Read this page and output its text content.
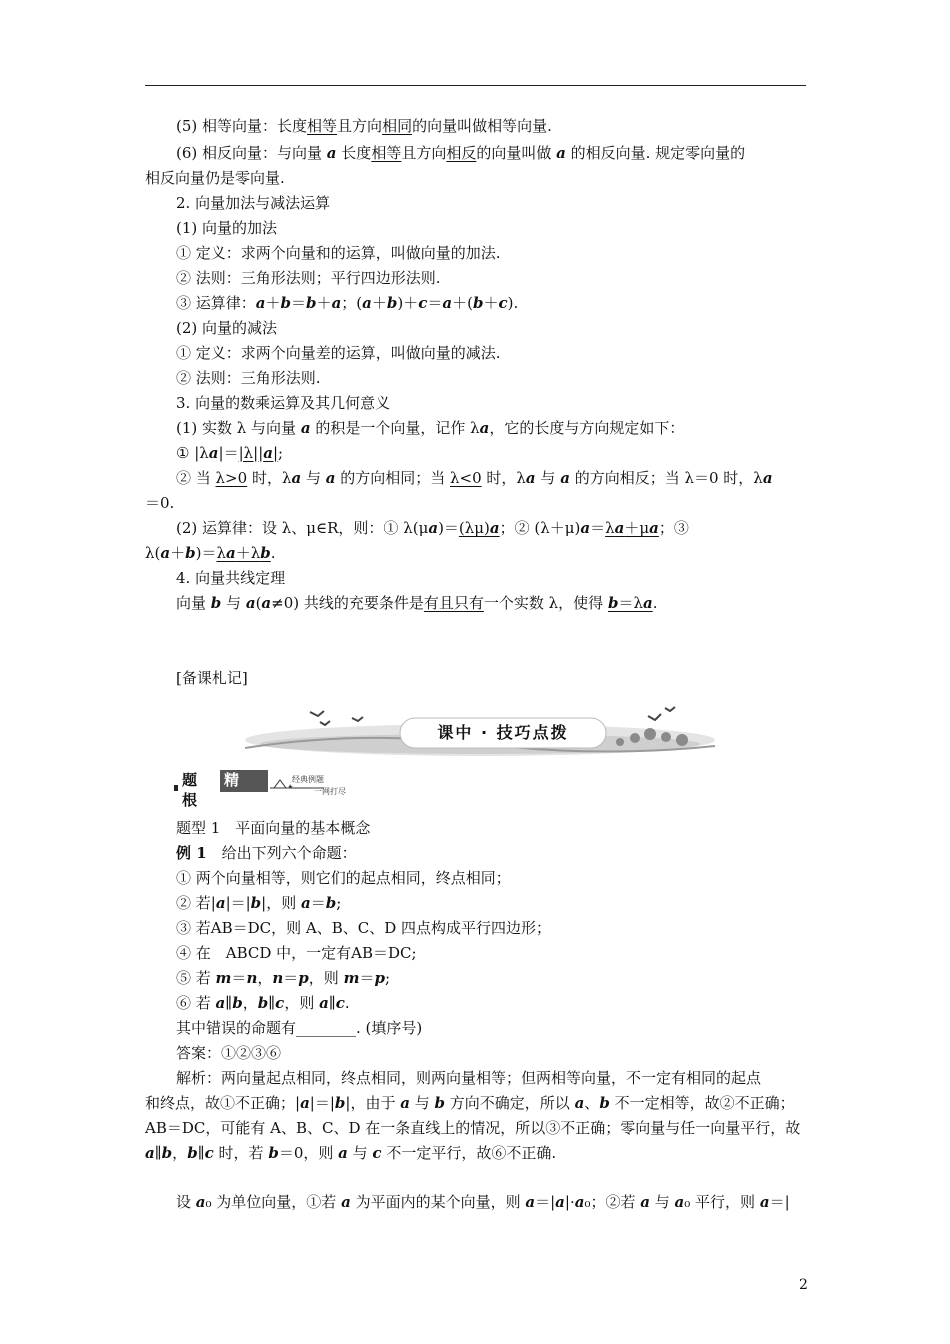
(5) 相等向量：长度相等且方向相同的向量叫做相等向量.
(6) 相反向量：与向量 a 长度相等且方向相反的向量叫做 a 的相反向量. 规定零向量的
相反向量仍是零向量.
2. 向量加法与减法运算
(1) 向量的加法
① 定义：求两个向量和的运算，叫做向量的加法.
② 法则：三角形法则；平行四边形法则.
③ 运算律：a＋b＝b＋a；(a＋b)＋c＝a＋(b＋c).
(2) 向量的减法
① 定义：求两个向量差的运算，叫做向量的减法.
② 法则：三角形法则.
3. 向量的数乘运算及其几何意义
(1) 实数 λ 与向量 a 的积是一个向量，记作 λa，它的长度与方向规定如下：
① |λa|＝|λ||a|;
② 当 λ>0 时，λa 与 a 的方向相同；当 λ<0 时，λa 与 a 的方向相反；当 λ＝0 时，λa
＝0.
(2) 运算律：设 λ、μ∈R，则：① λ(μa)＝(λμ)a；② (λ＋μ)a＝λa＋μa；③
λ(a＋b)＝λa＋λb.
4. 向量共线定理
向量 b 与 a(a≠0) 共线的充要条件是有且只有一个实数 λ，使得 b＝λa.
[备课札记]
题型 1　平面向量的基本概念
例 1　给出下列六个命题：
① 两个向量相等，则它们的起点相同，终点相同；
② 若|a|＝|b|，则 a＝b;
③ 若AB＝DC，则 A、B、C、D 四点构成平行四边形；
④ 在　ABCD 中，一定有AB＝DC;
⑤ 若 m＝n，n＝p，则 m＝p;
⑥ 若 a∥b，b∥c，则 a∥c.
其中错误的命题有________. (填序号)
答案：①②③⑥
解析：两向量起点相同，终点相同，则两向量相等；但两相等向量，不一定有相同的起点
和终点，故①不正确；|a|＝|b|，由于 a 与 b 方向不确定，所以 a、b 不一定相等，故②不正确；
AB＝DC，可能有 A、B、C、D 在一条直线上的情况，所以③不正确；零向量与任一向量平行，故
a∥b，b∥c 时，若 b＝0，则 a 与 c 不一定平行，故⑥不正确.
设 a₀ 为单位向量，①若 a 为平面内的某个向量，则 a＝|a|·a₀；②若 a 与 a₀ 平行，则 a＝|
课中 · 技巧点拨
题根
精选
经典例题
一网打尽
2
